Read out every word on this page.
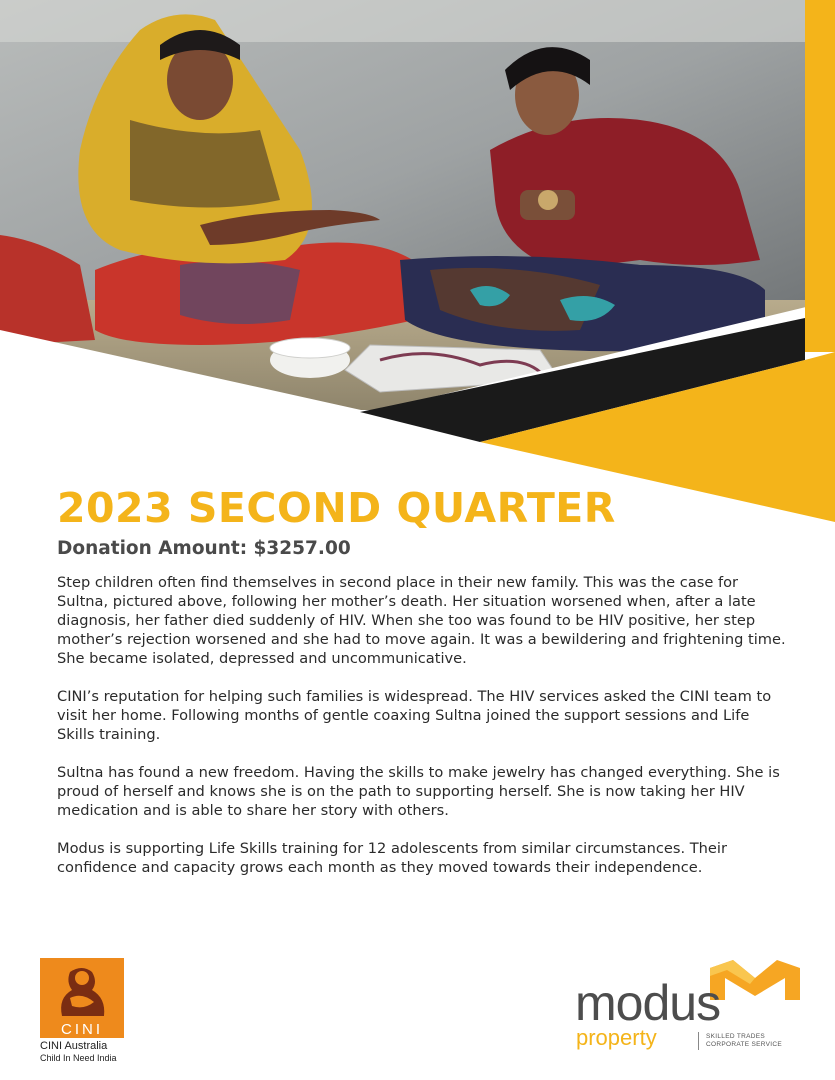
2023 SECOND QUARTER
Donation Amount: $3257.00

Step children often find themselves in second place in their new family. This was the case for Sultna, pictured above, following her mother’s death. Her situation worsened when, after a late diagnosis, her father died suddenly of HIV. When she too was found to be HIV positive, her step mother’s rejection worsened and she had to move again. It was a bewildering and frightening time. She became isolated, depressed and uncommunicative.

CINI’s reputation for helping such families is widespread. The HIV services asked the CINI team to visit her home. Following months of gentle coaxing Sultna joined the support sessions and Life Skills training.

Sultna has found a new freedom. Having the skills to make jewelry has changed everything. She is proud of herself and knows she is on the path to supporting herself. She is now taking her HIV medication and is able to share her story with others.

Modus is supporting Life Skills training for 12 adolescents from similar circumstances. Their confidence and capacity grows each month as they moved towards their independence.

CINI
CINI Australia
Child In Need India
modus
property	SKILLED TRADES
CORPORATE SERVICE
